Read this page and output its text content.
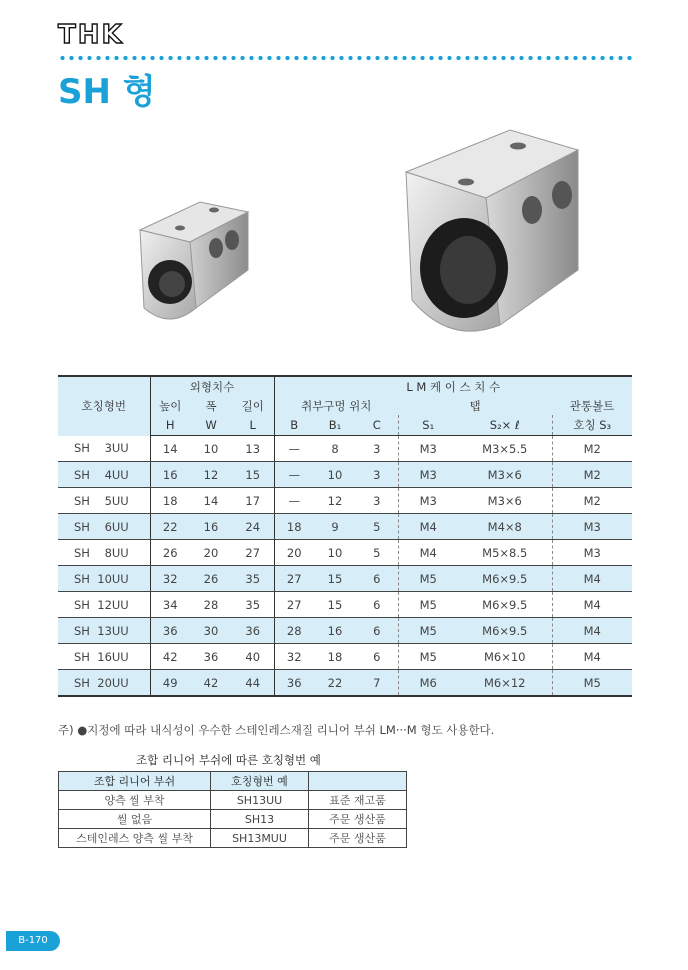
THK
SH 형
호칭형번	외형치수			L M 케 이 스 치 수					
	높이	폭	길이	취부구멍 위치			탭		관통볼트
	H	W	L	B	B₁	C	S₁	S₂× ℓ	호칭 S₃
SH    3UU	14	10	13	—	8	3	M3	M3×5.5	M2
SH    4UU	16	12	15	—	10	3	M3	M3×6	M2
SH    5UU	18	14	17	—	12	3	M3	M3×6	M2
SH    6UU	22	16	24	18	9	5	M4	M4×8	M3
SH    8UU	26	20	27	20	10	5	M4	M5×8.5	M3
SH  10UU	32	26	35	27	15	6	M5	M6×9.5	M4
SH  12UU	34	28	35	27	15	6	M5	M6×9.5	M4
SH  13UU	36	30	36	28	16	6	M5	M6×9.5	M4
SH  16UU	42	36	40	32	18	6	M5	M6×10	M4
SH  20UU	49	42	44	36	22	7	M6	M6×12	M5
주) ●지정에 따라 내식성이 우수한 스테인레스재질 리니어 부쉬 LM···M 형도 사용한다.
조합 리니어 부쉬에 따른 호칭형번 예
조합 리니어 부쉬	호칭형번 예	
양측 씰 부착	SH13UU	표준 재고품
씰 없음	SH13	주문 생산품
스테인레스 양측 씰 부착	SH13MUU	주문 생산품
B-170
